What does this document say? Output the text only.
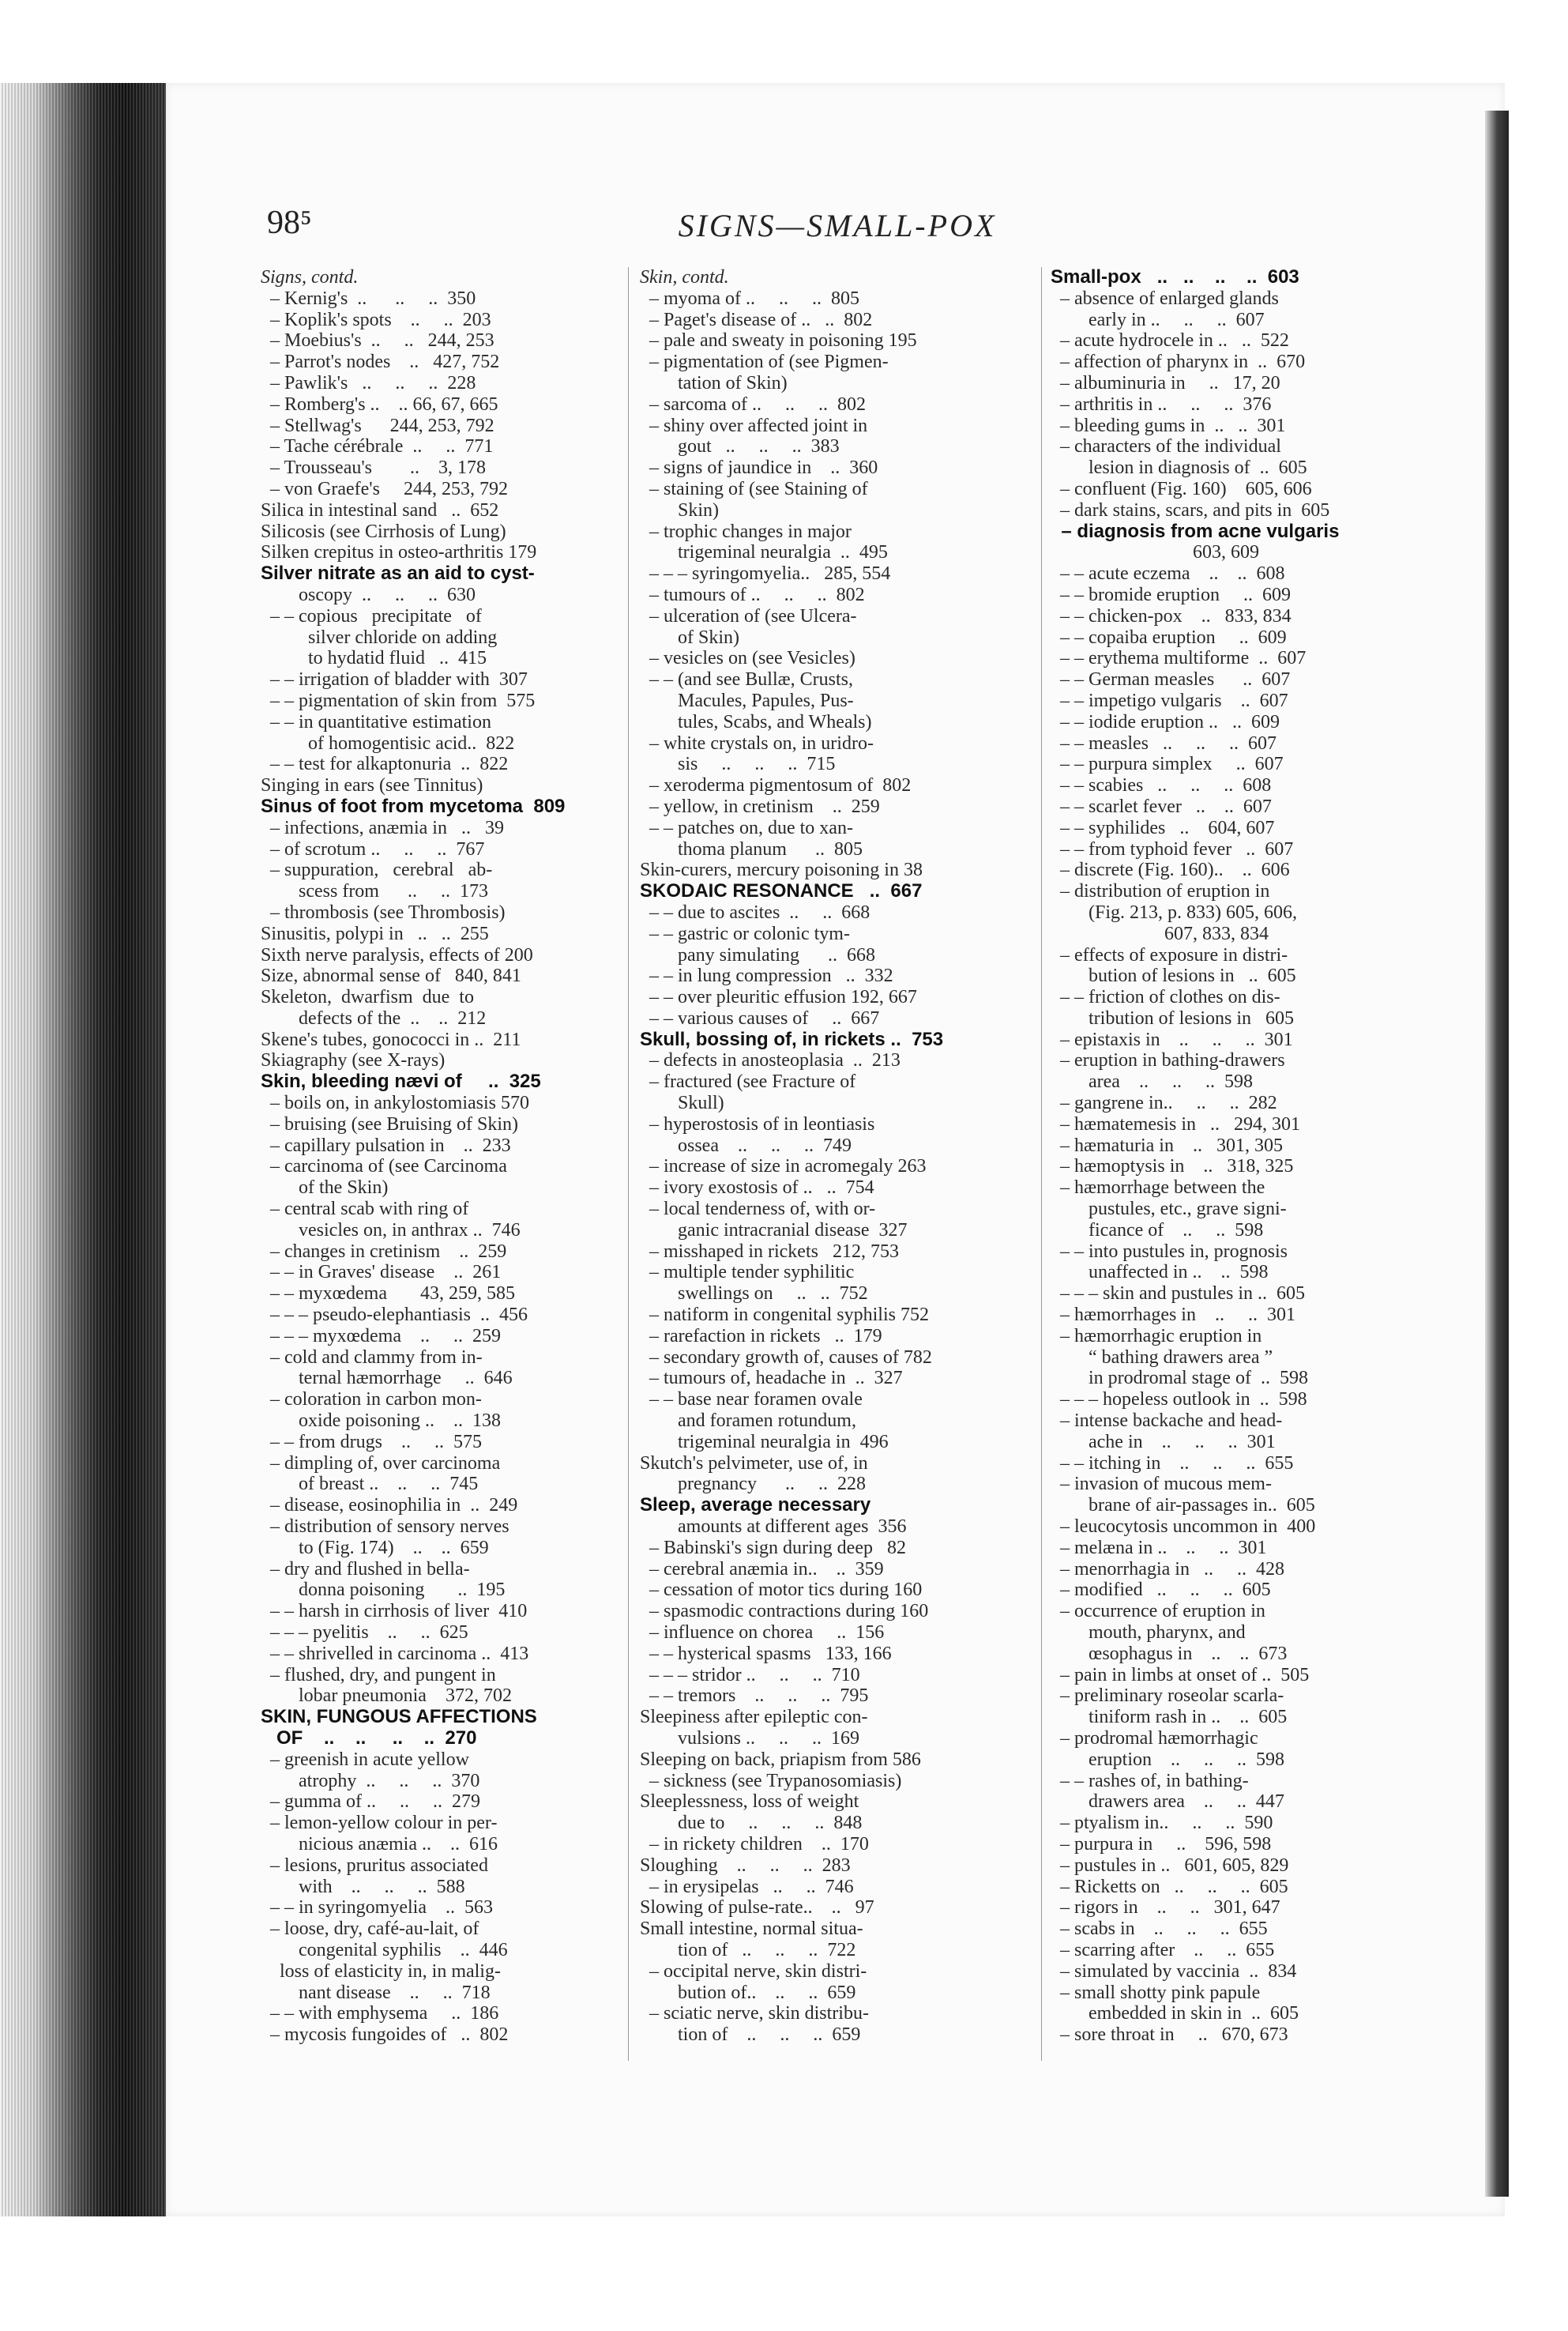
98⁵	SIGNS—SMALL-POX
Signs, contd.
– Kernig's  ..      ..     ..  350
– Koplik's spots    ..     ..  203
– Moebius's  ..     ..   244, 253
– Parrot's nodes    ..   427, 752
– Pawlik's   ..     ..     ..  228
– Romberg's ..    .. 66, 67, 665
– Stellwag's      244, 253, 792
– Tache cérébrale  ..     ..  771
– Trousseau's        ..    3, 178
– von Graefe's     244, 253, 792
Silica in intestinal sand   ..  652
Silicosis (see Cirrhosis of Lung)
Silken crepitus in osteo-arthritis 179
Silver nitrate as an aid to cyst-
oscopy  ..     ..     ..  630
– – copious   precipitate   of
silver chloride on adding
to hydatid fluid   ..  415
– – irrigation of bladder with  307
– – pigmentation of skin from  575
– – in quantitative estimation
of homogentisic acid..  822
– – test for alkaptonuria  ..  822
Singing in ears (see Tinnitus)
Sinus of foot from mycetoma  809
– infections, anæmia in   ..   39
– of scrotum ..     ..     ..  767
– suppuration,   cerebral   ab-
scess from      ..     ..  173
– thrombosis (see Thrombosis)
Sinusitis, polypi in   ..   ..  255
Sixth nerve paralysis, effects of 200
Size, abnormal sense of   840, 841
Skeleton,  dwarfism  due  to
defects of the  ..    ..  212
Skene's tubes, gonococci in ..  211
Skiagraphy (see X-rays)
Skin, bleeding nævi of     ..  325
– boils on, in ankylostomiasis 570
– bruising (see Bruising of Skin)
– capillary pulsation in    ..  233
– carcinoma of (see Carcinoma
of the Skin)
– central scab with ring of
vesicles on, in anthrax ..  746
– changes in cretinism    ..  259
– – in Graves' disease    ..  261
– – myxœdema       43, 259, 585
– – – pseudo-elephantiasis  ..  456
– – – myxœdema    ..     ..  259
– cold and clammy from in-
ternal hæmorrhage     ..  646
– coloration in carbon mon-
oxide poisoning ..    ..  138
– – from drugs    ..     ..  575
– dimpling of, over carcinoma
of breast ..    ..     ..  745
– disease, eosinophilia in  ..  249
– distribution of sensory nerves
to (Fig. 174)    ..    ..  659
– dry and flushed in bella-
donna poisoning       ..  195
– – harsh in cirrhosis of liver  410
– – – pyelitis    ..     ..  625
– – shrivelled in carcinoma ..  413
– flushed, dry, and pungent in
lobar pneumonia    372, 702
SKIN, FUNGOUS AFFECTIONS
OF    ..    ..     ..    ..  270
– greenish in acute yellow
atrophy  ..     ..     ..  370
– gumma of ..     ..     ..  279
– lemon-yellow colour in per-
nicious anæmia ..    ..  616
– lesions, pruritus associated
with    ..     ..     ..  588
– – in syringomyelia    ..  563
– loose, dry, café-au-lait, of
congenital syphilis    ..  446
loss of elasticity in, in malig-
nant disease    ..     ..  718
– – with emphysema     ..  186
– mycosis fungoides of   ..  802
Skin, contd.
– myoma of ..     ..     ..  805
– Paget's disease of ..   ..  802
– pale and sweaty in poisoning 195
– pigmentation of (see Pigmen-
tation of Skin)
– sarcoma of ..     ..     ..  802
– shiny over affected joint in
gout   ..     ..     ..  383
– signs of jaundice in    ..  360
– staining of (see Staining of
Skin)
– trophic changes in major
trigeminal neuralgia  ..  495
– – – syringomyelia..   285, 554
– tumours of ..     ..     ..  802
– ulceration of (see Ulcera-
of Skin)
– vesicles on (see Vesicles)
– – (and see Bullæ, Crusts,
Macules, Papules, Pus-
tules, Scabs, and Wheals)
– white crystals on, in uridro-
sis     ..     ..     ..  715
– xeroderma pigmentosum of  802
– yellow, in cretinism    ..  259
– – patches on, due to xan-
thoma planum      ..  805
Skin-curers, mercury poisoning in 38
SKODAIC RESONANCE   ..  667
– – due to ascites  ..     ..  668
– – gastric or colonic tym-
pany simulating      ..  668
– – in lung compression   ..  332
– – over pleuritic effusion 192, 667
– – various causes of     ..  667
Skull, bossing of, in rickets ..  753
– defects in anosteoplasia  ..  213
– fractured (see Fracture of
Skull)
– hyperostosis of in leontiasis
ossea    ..     ..     ..  749
– increase of size in acromegaly 263
– ivory exostosis of ..   ..  754
– local tenderness of, with or-
ganic intracranial disease  327
– misshaped in rickets   212, 753
– multiple tender syphilitic
swellings on     ..   ..  752
– natiform in congenital syphilis 752
– rarefaction in rickets   ..  179
– secondary growth of, causes of 782
– tumours of, headache in  ..  327
– – base near foramen ovale
and foramen rotundum,
trigeminal neuralgia in  496
Skutch's pelvimeter, use of, in
pregnancy      ..     ..  228
Sleep, average necessary
amounts at different ages  356
– Babinski's sign during deep   82
– cerebral anæmia in..    ..  359
– cessation of motor tics during 160
– spasmodic contractions during 160
– influence on chorea     ..  156
– – hysterical spasms   133, 166
– – – stridor ..     ..     ..  710
– – tremors    ..     ..     ..  795
Sleepiness after epileptic con-
vulsions ..     ..     ..  169
Sleeping on back, priapism from 586
– sickness (see Trypanosomiasis)
Sleeplessness, loss of weight
due to     ..     ..     ..  848
– in rickety children    ..  170
Sloughing    ..     ..     ..  283
– in erysipelas   ..     ..  746
Slowing of pulse-rate..    ..   97
Small intestine, normal situa-
tion of   ..     ..     ..  722
– occipital nerve, skin distri-
bution of..    ..     ..  659
– sciatic nerve, skin distribu-
tion of    ..     ..     ..  659
Small-pox   ..   ..    ..    ..  603
– absence of enlarged glands
early in ..     ..     ..  607
– acute hydrocele in ..   ..  522
– affection of pharynx in  ..  670
– albuminuria in     ..   17, 20
– arthritis in ..     ..     ..  376
– bleeding gums in  ..   ..  301
– characters of the individual
lesion in diagnosis of  ..  605
– confluent (Fig. 160)    605, 606
– dark stains, scars, and pits in  605
– diagnosis from acne vulgaris
603, 609
– – acute eczema    ..    ..  608
– – bromide eruption     ..  609
– – chicken-pox    ..   833, 834
– – copaiba eruption     ..  609
– – erythema multiforme  ..  607
– – German measles      ..  607
– – impetigo vulgaris    ..  607
– – iodide eruption ..   ..  609
– – measles   ..     ..     ..  607
– – purpura simplex     ..  607
– – scabies   ..     ..     ..  608
– – scarlet fever   ..    ..  607
– – syphilides   ..    604, 607
– – from typhoid fever   ..  607
– discrete (Fig. 160)..    ..  606
– distribution of eruption in
(Fig. 213, p. 833) 605, 606,
607, 833, 834
– effects of exposure in distri-
bution of lesions in   ..  605
– – friction of clothes on dis-
tribution of lesions in   605
– epistaxis in    ..     ..     ..  301
– eruption in bathing-drawers
area    ..     ..     ..  598
– gangrene in..     ..     ..  282
– hæmatemesis in   ..   294, 301
– hæmaturia in    ..   301, 305
– hæmoptysis in    ..   318, 325
– hæmorrhage between the
pustules, etc., grave signi-
ficance of    ..     ..  598
– – into pustules in, prognosis
unaffected in ..    ..  598
– – – skin and pustules in ..  605
– hæmorrhages in    ..     ..  301
– hæmorrhagic eruption in
“ bathing drawers area ”
in prodromal stage of  ..  598
– – – hopeless outlook in  ..  598
– intense backache and head-
ache in    ..     ..     ..  301
– – itching in    ..     ..     ..  655
– invasion of mucous mem-
brane of air-passages in..  605
– leucocytosis uncommon in  400
– melæna in ..    ..     ..  301
– menorrhagia in   ..     ..  428
– modified   ..     ..     ..  605
– occurrence of eruption in
mouth, pharynx, and
œsophagus in    ..    ..  673
– pain in limbs at onset of ..  505
– preliminary roseolar scarla-
tiniform rash in ..    ..  605
– prodromal hæmorrhagic
eruption    ..     ..     ..  598
– – rashes of, in bathing-
drawers area    ..     ..  447
– ptyalism in..     ..     ..  590
– purpura in     ..    596, 598
– pustules in ..   601, 605, 829
– Ricketts on   ..     ..     ..  605
– rigors in    ..     ..   301, 647
– scabs in    ..     ..     ..  655
– scarring after    ..     ..  655
– simulated by vaccinia  ..  834
– small shotty pink papule
embedded in skin in  ..  605
– sore throat in     ..   670, 673
